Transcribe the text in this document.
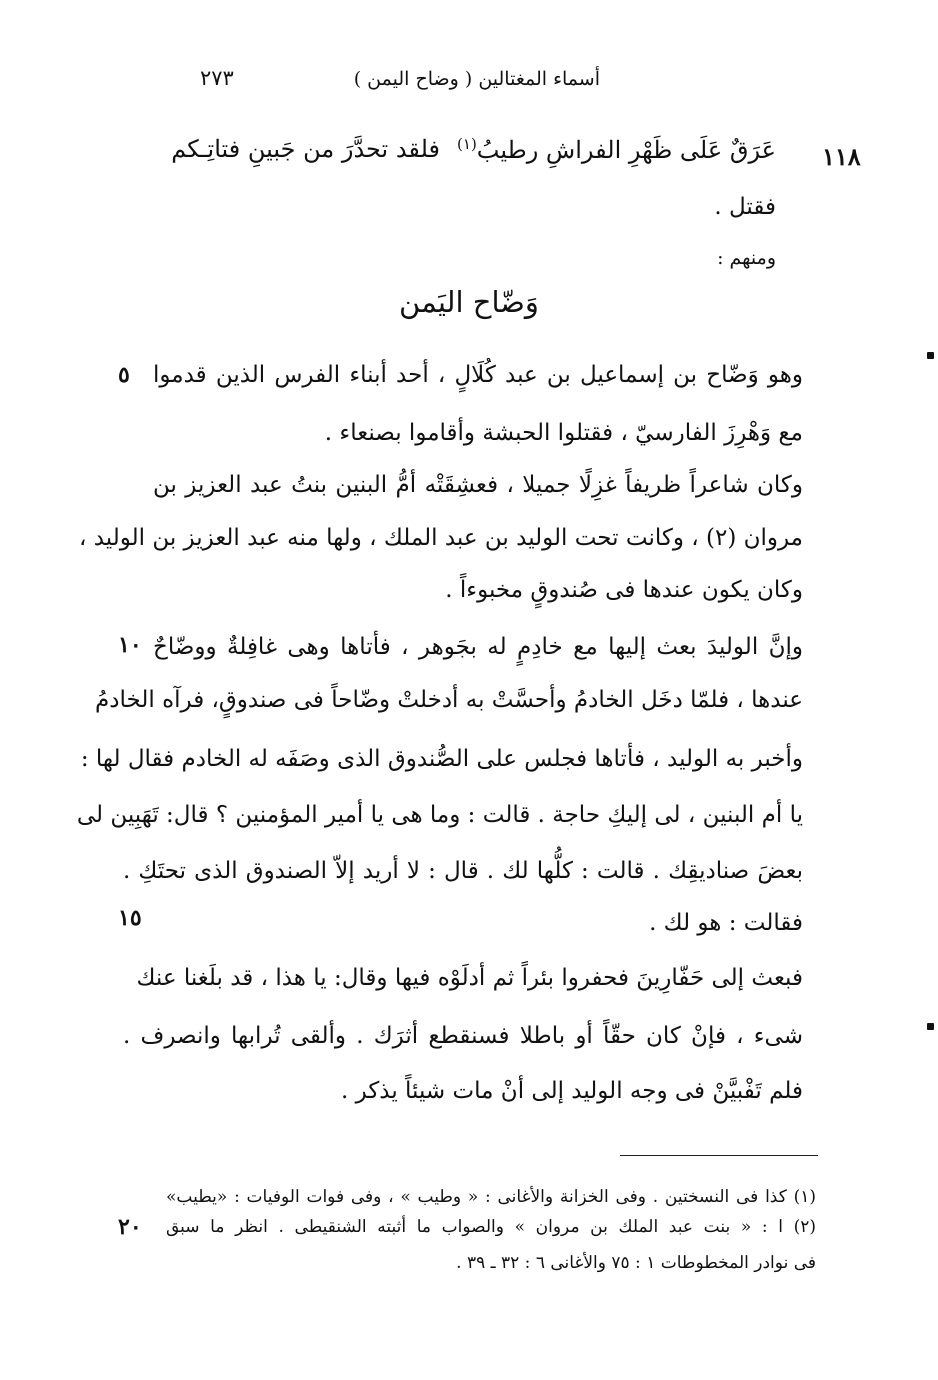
أسماء المغتالين ( وضاح اليمن )
٢٧٣
١١٨
فلقد تحدَّرَ من جَبينِ فتاتِـكم	عَرَقٌ عَلَى ظَهْرِ الفراشِ رطيبُ$^{(١)}$
فقتل .
ومنهم :
وَضّاح اليَمن
وهو وَضّاح بن إسماعيل بن عبد كُلَالٍ ، أحد أبناء الفرس الذين قدموا
مع وَهْرِزَ الفارسيّ ، فقتلوا الحبشة وأقاموا بصنعاء .
وكان شاعراً ظريفاً غزِلًا جميلا ، فعشِقَتْه أمُّ البنين بنتُ عبد العزيز بن
مروان (٢) ، وكانت تحت الوليد بن عبد الملك ، ولها منه عبد العزيز بن الوليد ،
وكان يكون عندها فى صُندوقٍ مخبوءاً .
وإنَّ الوليدَ بعث إليها مع خادِمٍ له بجَوهر ، فأتاها وهى غافِلةٌ ووضّاحٌ
عندها ، فلمّا دخَل الخادمُ وأحسَّتْ به أدخلتْ وضّاحاً فى صندوقٍ، فرآه الخادمُ
وأخبر به الوليد ، فأتاها فجلس على الصُّندوق الذى وصَفَه له الخادم فقال لها :
يا أم البنين ، لى إليكِ حاجة . قالت : وما هى يا أمير المؤمنين ؟ قال: تَهَبِين لى
بعضَ صناديقِك . قالت : كلُّها لك . قال : لا أريد إلاّ الصندوق الذى تحتَكِ .
فقالت : هو لك .
فبعث إلى حَفّارِينَ فحفروا بئراً ثم أدلَوْه فيها وقال: يا هذا ، قد بلَغنا عنك
شىء ، فإنْ كان حقّاً أو باطلا فسنقطع أثرَك . وألقى تُرابها وانصرف .
فلم تَفْبيَّنْ فى وجه الوليد إلى أنْ مات شيئاً يذكر .
٥
١٠
١٥
٢٠
(١) كذا فى النسختين . وفى الخزانة والأغانى : « وطيب » ، وفى فوات الوفيات : «يطيب»
(٢) ا : « بنت عبد الملك بن مروان » والصواب ما أثبته الشنقيطى . انظر ما سبق
فى نوادر المخطوطات ١ : ٧٥ والأغانى ٦ : ٣٢ ـ ٣٩ .
